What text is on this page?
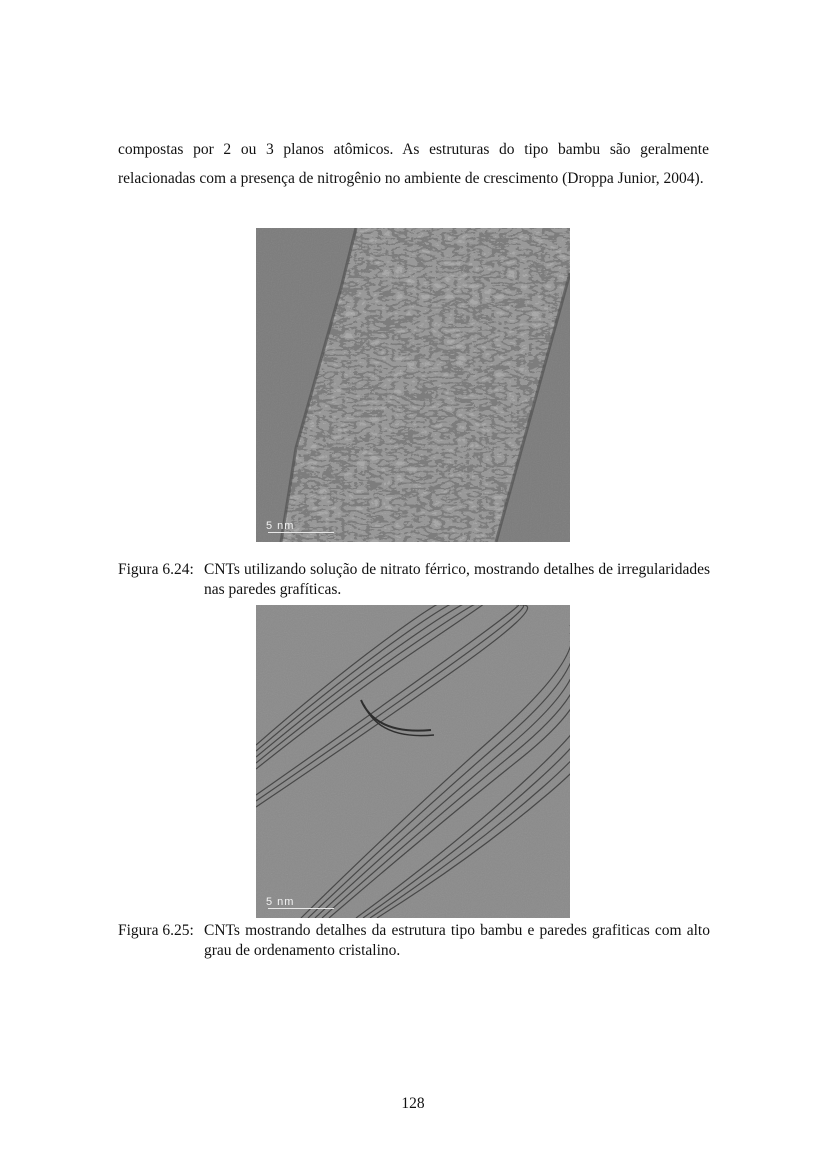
compostas por 2 ou 3 planos atômicos. As estruturas do tipo bambu são geralmente relacionadas com a presença de nitrogênio no ambiente de crescimento (Droppa Junior, 2004).

5 nm
Figura 6.24: CNTs utilizando solução de nitrato férrico, mostrando detalhes de irregularidades nas paredes grafíticas.
5 nm
Figura 6.25: CNTs mostrando detalhes da estrutura tipo bambu e paredes grafiticas com alto grau de ordenamento cristalino.
128
